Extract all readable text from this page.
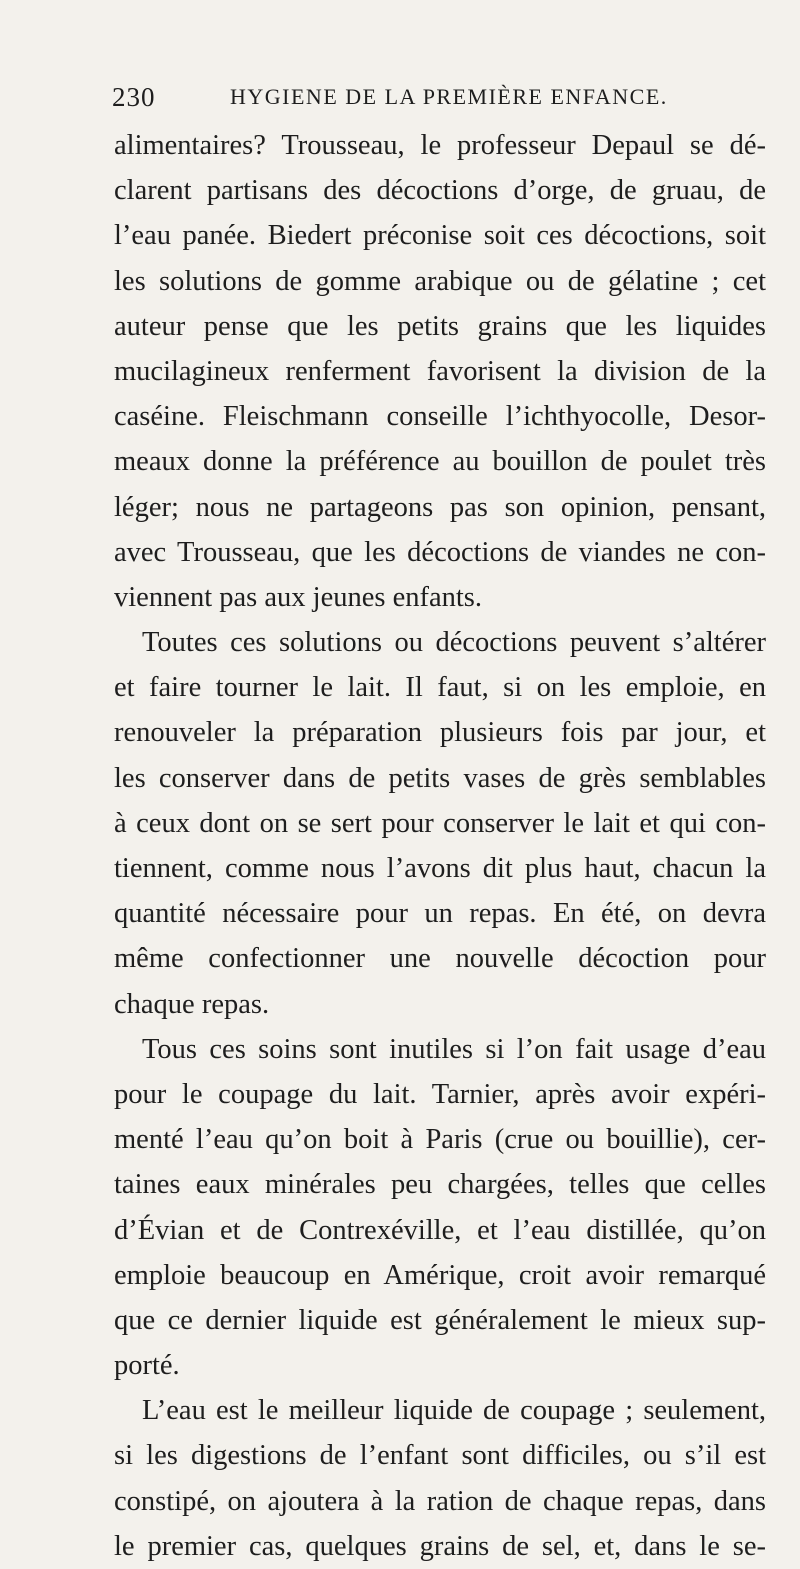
230	HYGIENE DE LA PREMIÈRE ENFANCE.
alimentaires? Trousseau, le professeur Depaul se dé-
clarent partisans des décoctions d’orge, de gruau, de
l’eau panée. Biedert préconise soit ces décoctions, soit
les solutions de gomme arabique ou de gélatine ; cet
auteur pense que les petits grains que les liquides
mucilagineux renferment favorisent la division de la
caséine. Fleischmann conseille l’ichthyocolle, Desor-
meaux donne la préférence au bouillon de poulet très
léger; nous ne partageons pas son opinion, pensant,
avec Trousseau, que les décoctions de viandes ne con-
viennent pas aux jeunes enfants.
Toutes ces solutions ou décoctions peuvent s’altérer
et faire tourner le lait. Il faut, si on les emploie, en
renouveler la préparation plusieurs fois par jour, et
les conserver dans de petits vases de grès semblables
à ceux dont on se sert pour conserver le lait et qui con-
tiennent, comme nous l’avons dit plus haut, chacun la
quantité nécessaire pour un repas. En été, on devra
même confectionner une nouvelle décoction pour
chaque repas.
Tous ces soins sont inutiles si l’on fait usage d’eau
pour le coupage du lait. Tarnier, après avoir expéri-
menté l’eau qu’on boit à Paris (crue ou bouillie), cer-
taines eaux minérales peu chargées, telles que celles
d’Évian et de Contrexéville, et l’eau distillée, qu’on
emploie beaucoup en Amérique, croit avoir remarqué
que ce dernier liquide est généralement le mieux sup-
porté.
L’eau est le meilleur liquide de coupage ; seulement,
si les digestions de l’enfant sont difficiles, ou s’il est
constipé, on ajoutera à la ration de chaque repas, dans
le premier cas, quelques grains de sel, et, dans le se-
